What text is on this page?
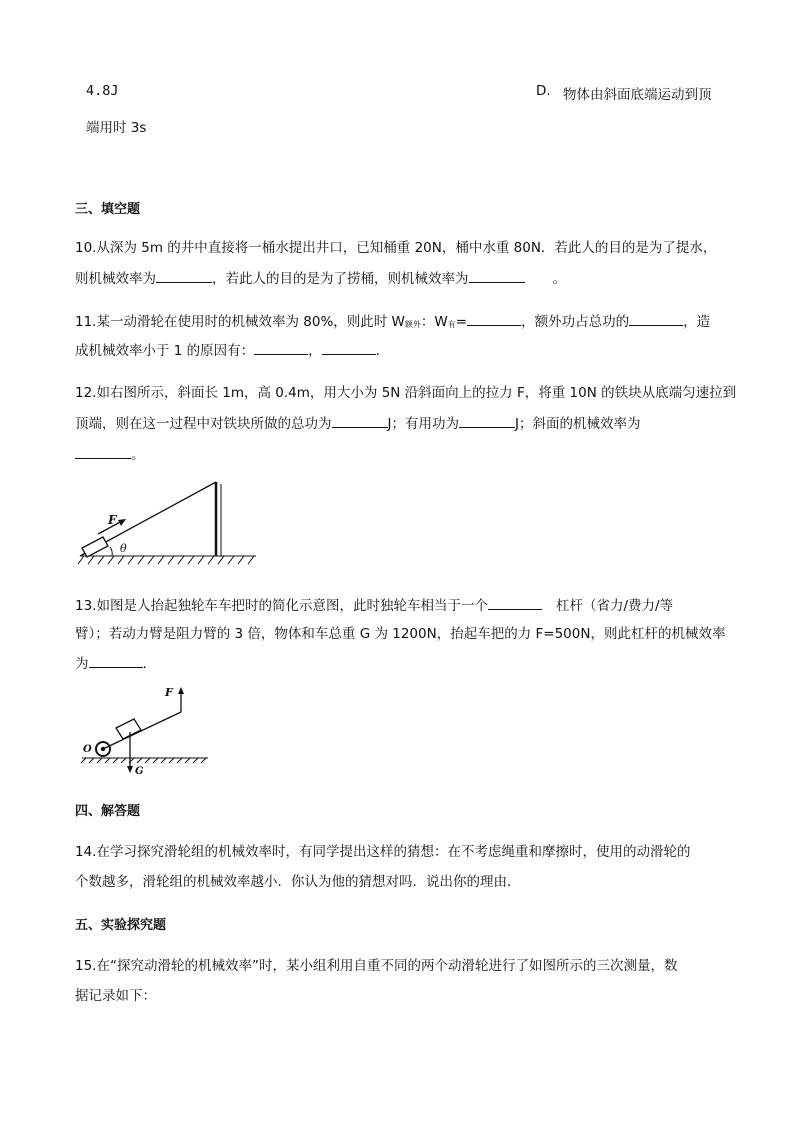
4.8J	D. 物体由斜面底端运动到顶
端用时 3s
三、填空题
10.从深为 5m 的井中直接将一桶水提出井口，已知桶重 20N，桶中水重 80N．若此人的目的是为了提水，
则机械效率为	，若此人的目的是为了捞桶，则机械效率为	。
11.某一动滑轮在使用时的机械效率为 80%，则此时 $W_{额外}$：$W_有=$	，额外功占总功的	，造
成机械效率小于 1 的原因有：	，	.
12.如右图所示，斜面长 1m，高 0.4m，用大小为 5N 沿斜面向上的拉力 F，将重 10N 的铁块从底端匀速拉到
顶端，则在这一过程中对铁块所做的总功为	J；有用功为	J；斜面的机械效率为
。
F
θ
13.如图是人抬起独轮车车把时的简化示意图，此时独轮车相当于一个	杠杆（省力/费力/等
臂）；若动力臂是阻力臂的 3 倍，物体和车总重 G 为 1200N，抬起车把的力 F=500N，则此杠杆的机械效率
为	.
F
G
O
四、解答题
14.在学习探究滑轮组的机械效率时，有同学提出这样的猜想：在不考虑绳重和摩擦时，使用的动滑轮的
个数越多，滑轮组的机械效率越小．你认为他的猜想对吗．说出你的理由．
五、实验探究题
15.在“探究动滑轮的机械效率”时，某小组利用自重不同的两个动滑轮进行了如图所示的三次测量，数
据记录如下：
